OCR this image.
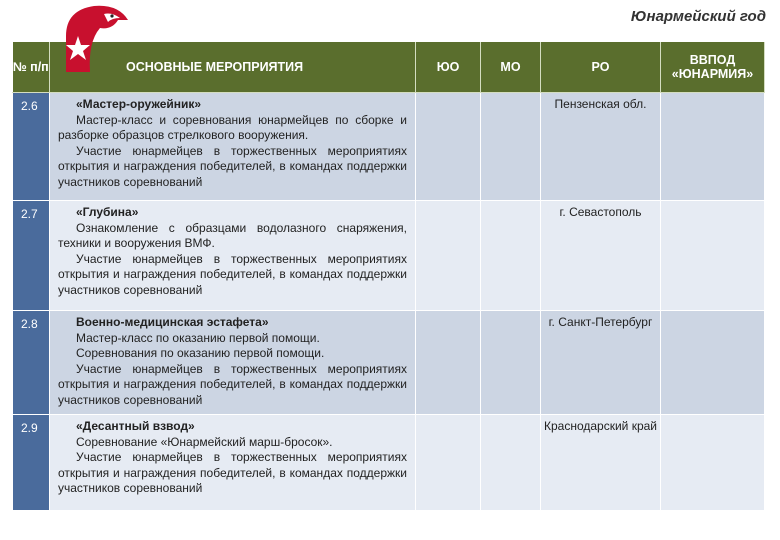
Юнармейский год
№ п/п	ОСНОВНЫЕ МЕРОПРИЯТИЯ	ЮО	МО	РО	ВВПОД «ЮНАРМИЯ»
2.6	«Мастер-оружейник»
Мастер-класс и соревнования юнармейцев по сборке и разборке образцов стрелкового вооружения.
Участие юнармейцев в торжественных мероприятиях открытия и награждения победителей, в командах поддержки участников соревнований			Пензенская обл.	
2.7	«Глубина»
Ознакомление с образцами водолазного снаряжения, техники и вооружения ВМФ.
Участие юнармейцев в торжественных мероприятиях открытия и награждения победителей, в командах поддержки участников соревнований			г. Севастополь	
2.8	Военно-медицинская эстафета»
Мастер-класс по оказанию первой помощи.
Соревнования по оказанию первой помощи.
Участие юнармейцев в торжественных мероприятиях открытия и награждения победителей, в командах поддержки участников соревнований			г. Санкт-Петербург	
2.9	«Десантный взвод»
Соревнование «Юнармейский марш-бросок».
Участие юнармейцев в торжественных мероприятиях открытия и награждения победителей, в командах поддержки участников соревнований			Краснодарский край	
